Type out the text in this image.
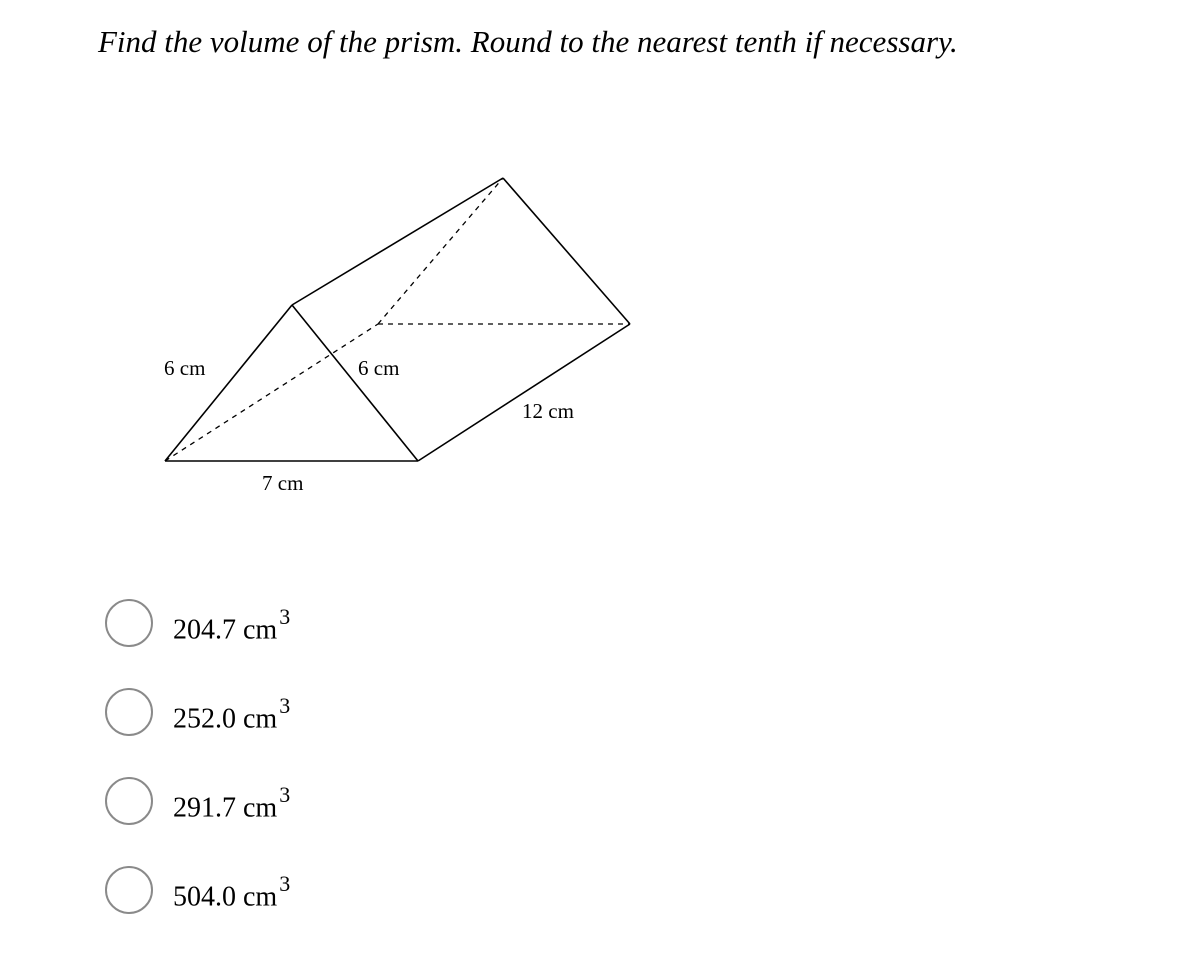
Find the volume of the prism. Round to the nearest tenth if necessary.
6 cm	6 cm
7 cm
12 cm
204.7 $cm^3$
252.0 $cm^3$
291.7 $cm^3$
504.0 $cm^3$
